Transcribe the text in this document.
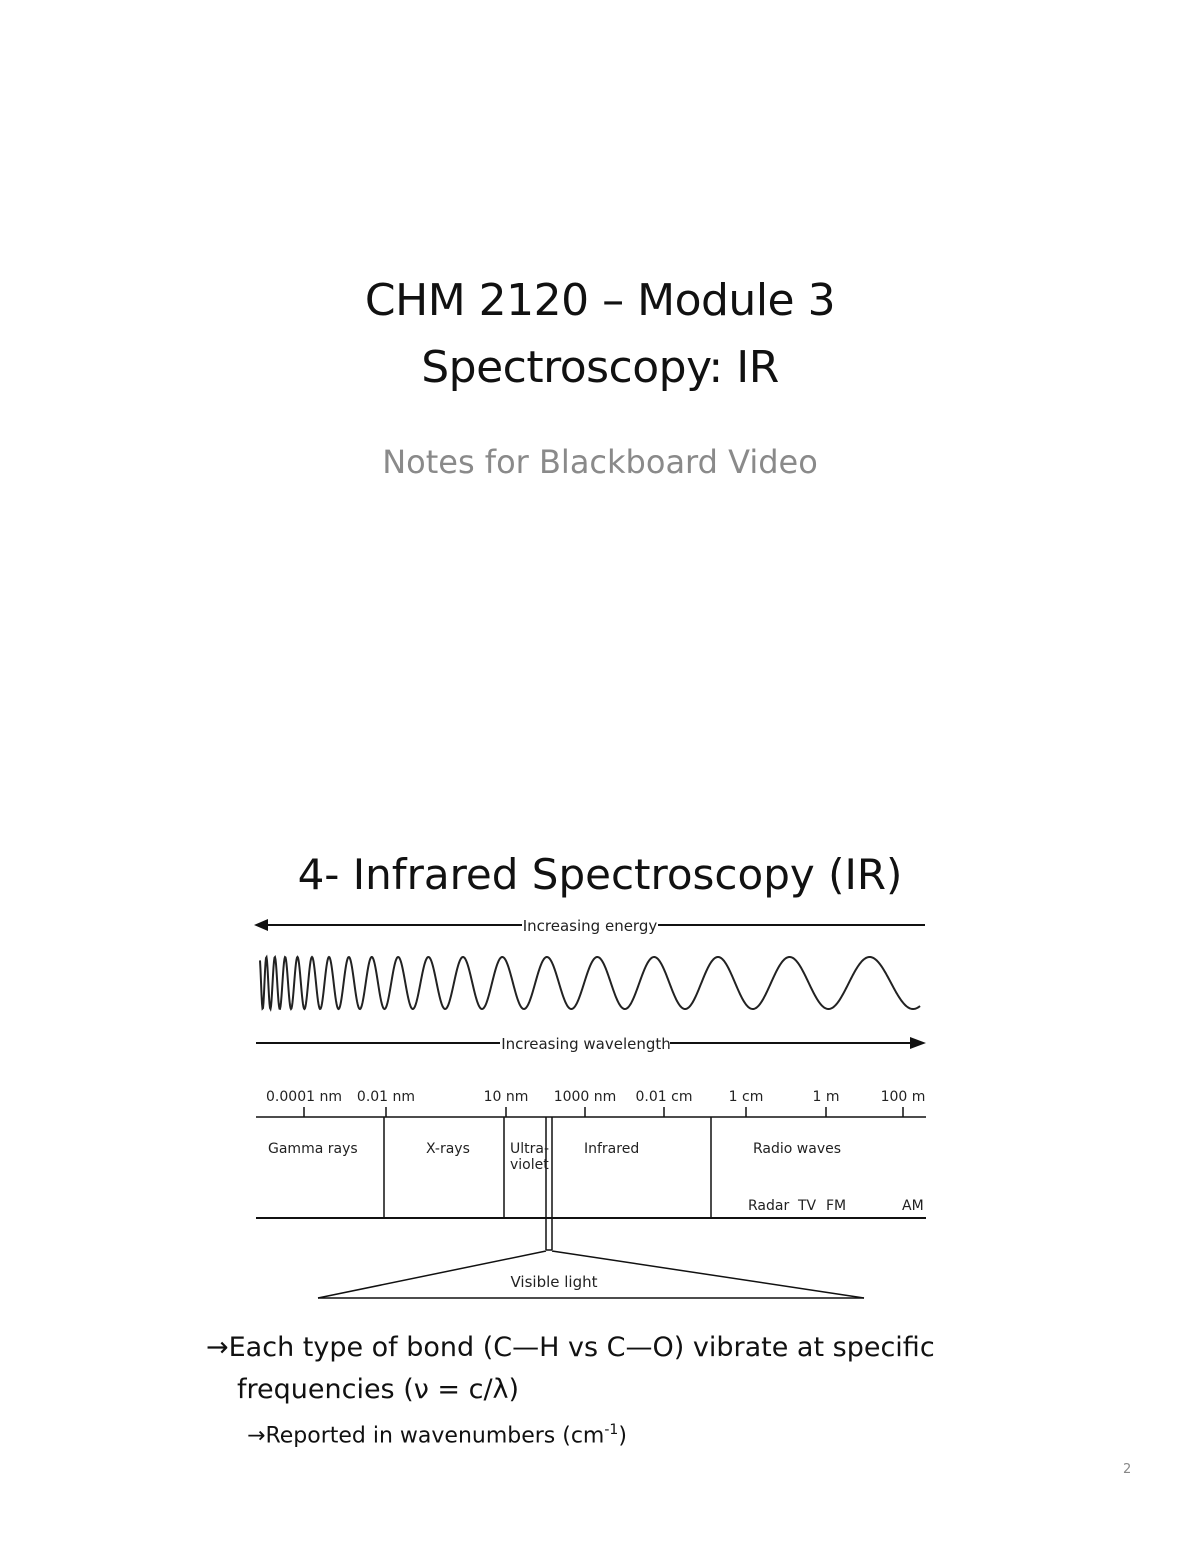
CHM 2120 – Module 3
Spectroscopy: IR
Notes for Blackboard Video
4- Infrared Spectroscopy (IR)
Increasing energy
Increasing wavelength
0.0001 nm 0.01 nm	10 nm 1000 nm 0.01 cm	1 cm	1 m	100 m
Gamma rays	X-rays	Ultra-
violet
Infrared	Radio waves
Radar TV FM	AM
Visible light
→Each type of bond (C—H vs C—O) vibrate at specific
frequencies (ν = c/λ)
→Reported in wavenumbers $(cm^{-1})$
2
